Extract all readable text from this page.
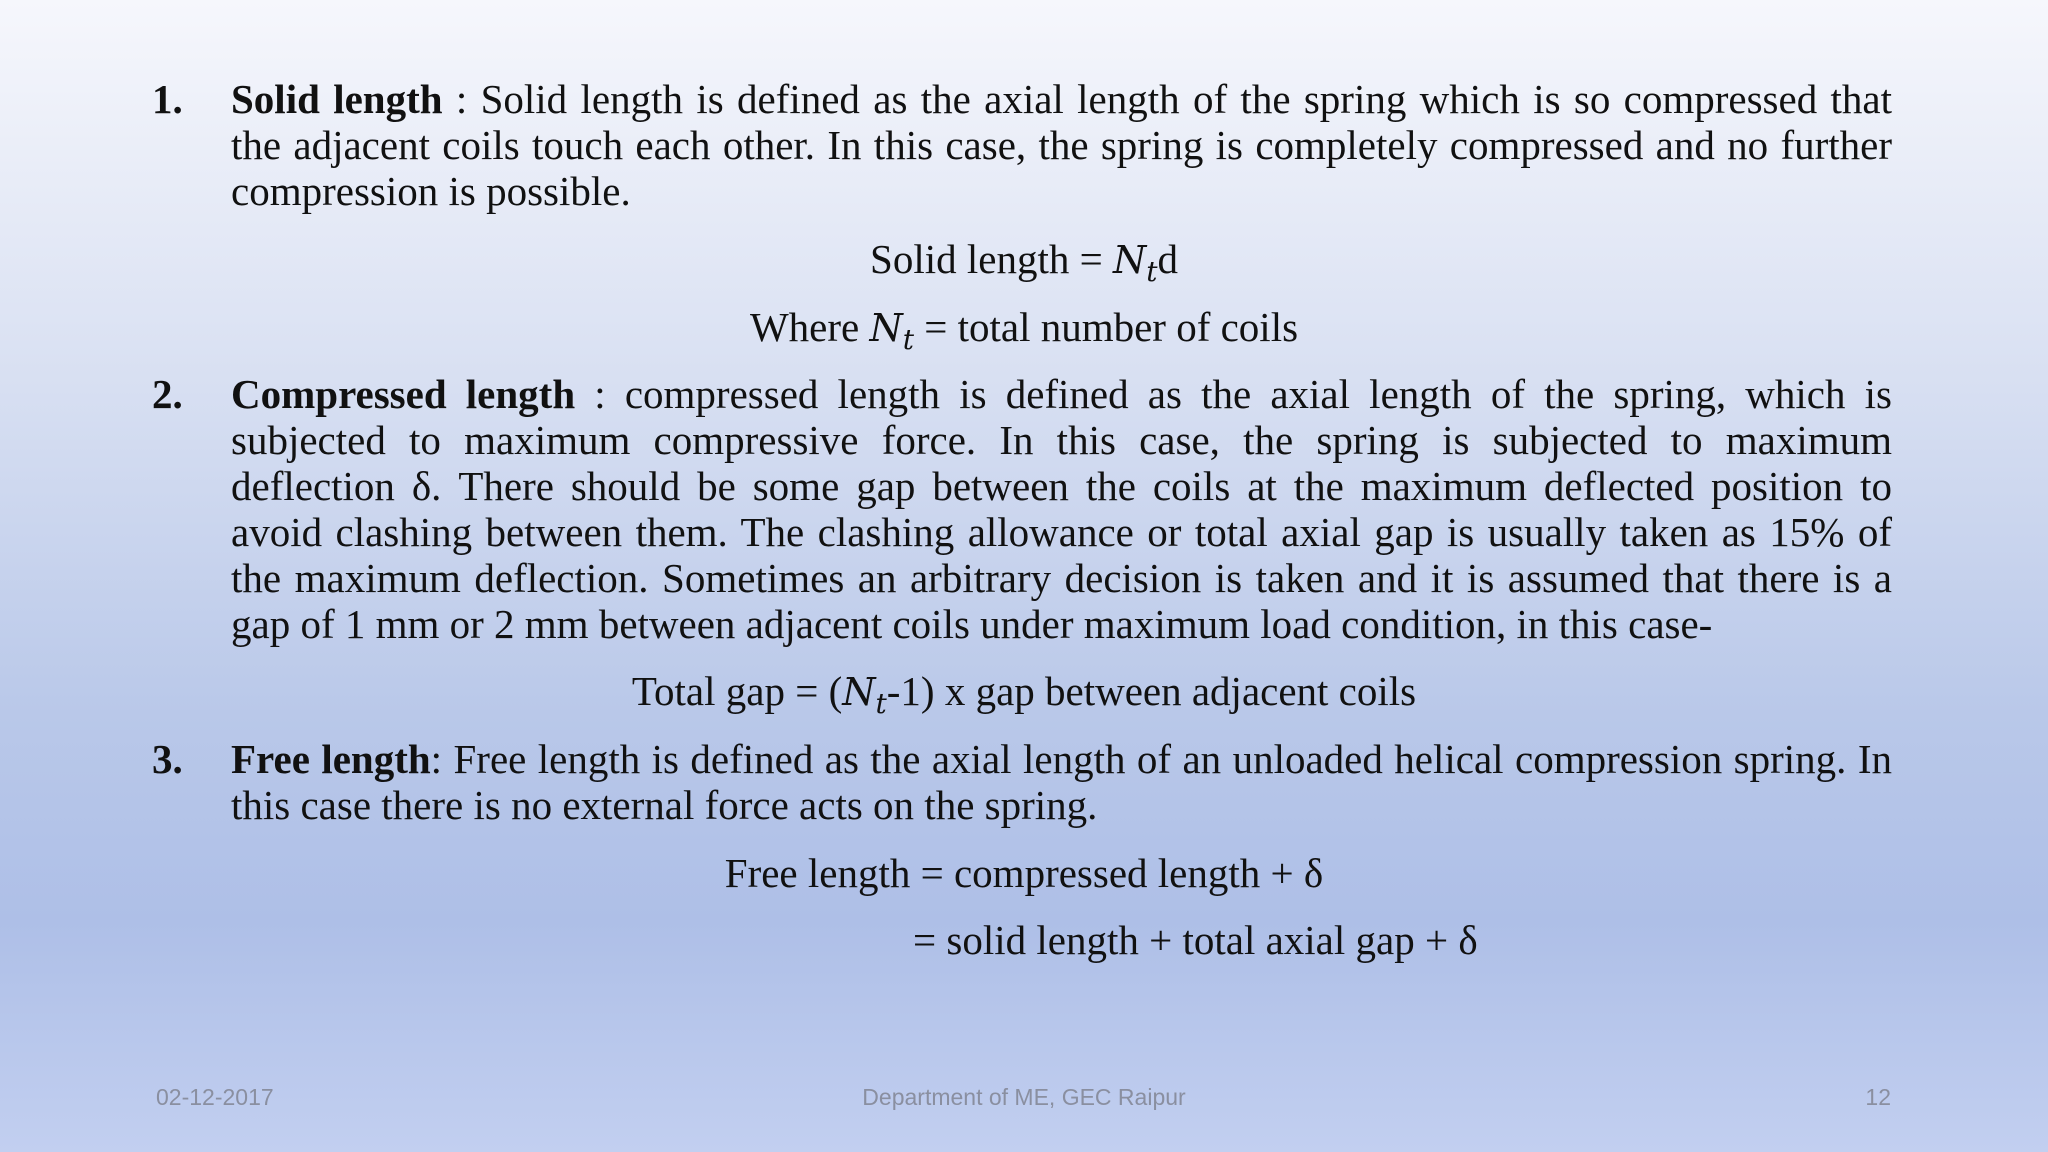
1. Solid length : Solid length is defined as the axial length of the spring which is so compressed that the adjacent coils touch each other. In this case, the spring is completely compressed and no further compression is possible.
Solid length = $N_td$
Where $N_t$ = total number of coils
2. Compressed length : compressed length is defined as the axial length of the spring, which is subjected to maximum compressive force. In this case, the spring is subjected to maximum deflection δ. There should be some gap between the coils at the maximum deflected position to avoid clashing between them. The clashing allowance or total axial gap is usually taken as 15% of the maximum deflection. Sometimes an arbitrary decision is taken and it is assumed that there is a gap of 1 mm or 2 mm between adjacent coils under maximum load condition, in this case-
Total gap = $(N_t-1)$ x gap between adjacent coils
3. Free length: Free length is defined as the axial length of an unloaded helical compression spring. In this case there is no external force acts on the spring.
Free length = compressed length + δ
= solid length + total axial gap + δ
02-12-2017	Department of ME, GEC Raipur	12
